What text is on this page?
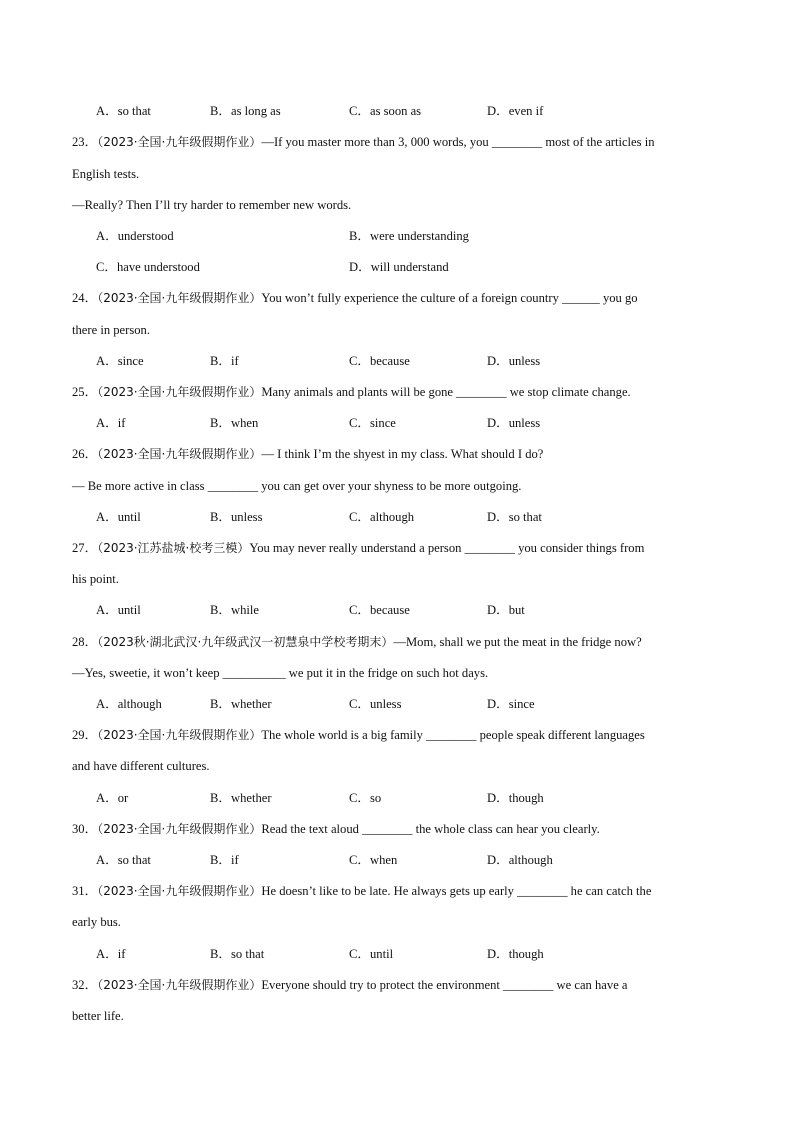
A．so that	B．as long as	C．as soon as	D．even if
23．（2023·全国·九年级假期作业）—If you master more than 3, 000 words, you ________ most of the articles in
English tests.
—Really? Then I’ll try harder to remember new words.
A．understood	B．were understanding
C．have understood	D．will understand
24．（2023·全国·九年级假期作业）You won’t fully experience the culture of a foreign country ______ you go
there in person.
A．since	B．if	C．because	D．unless
25．（2023·全国·九年级假期作业）Many animals and plants will be gone ________ we stop climate change.
A．if	B．when	C．since	D．unless
26．（2023·全国·九年级假期作业）— I think I’m the shyest in my class. What should I do?
— Be more active in class ________ you can get over your shyness to be more outgoing.
A．until	B．unless	C．although	D．so that
27．（2023·江苏盐城·校考三模）You may never really understand a person ________ you consider things from
his point.
A．until	B．while	C．because	D．but
28．（2023秋·湖北武汉·九年级武汉一初慧泉中学校考期末）—Mom, shall we put the meat in the fridge now?
—Yes, sweetie, it won’t keep __________ we put it in the fridge on such hot days.
A．although	B．whether	C．unless	D．since
29．（2023·全国·九年级假期作业）The whole world is a big family ________ people speak different languages
and have different cultures.
A．or	B．whether	C．so	D．though
30．（2023·全国·九年级假期作业）Read the text aloud ________ the whole class can hear you clearly.
A．so that	B．if	C．when	D．although
31．（2023·全国·九年级假期作业）He doesn’t like to be late. He always gets up early ________ he can catch the
early bus.
A．if	B．so that	C．until	D．though
32．（2023·全国·九年级假期作业）Everyone should try to protect the environment ________ we can have a
better life.
